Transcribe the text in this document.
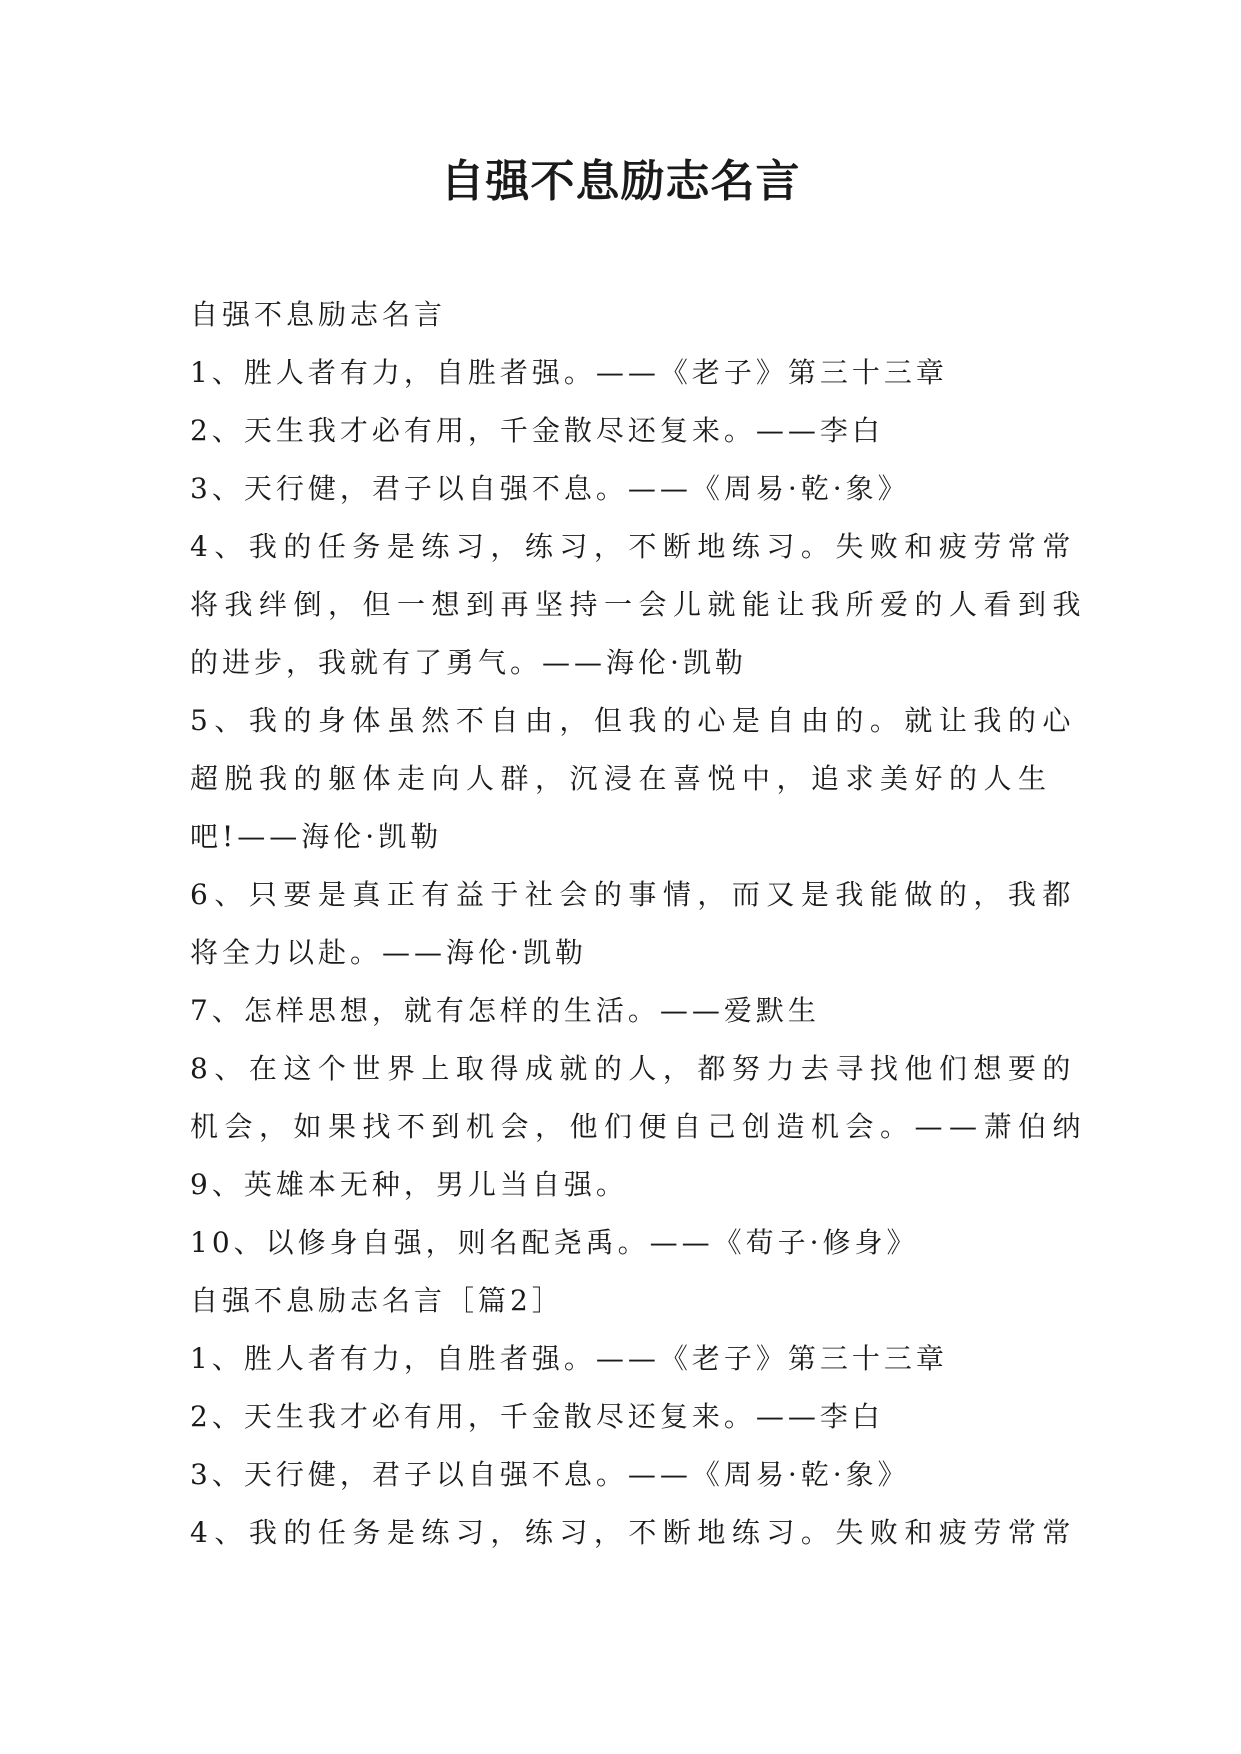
自强不息励志名言
自强不息励志名言
1、胜人者有力，自胜者强。——《老子》第三十三章
2、天生我才必有用，千金散尽还复来。——李白
3、天行健，君子以自强不息。——《周易·乾·象》
4、我的任务是练习，练习，不断地练习。失败和疲劳常常
将我绊倒，但一想到再坚持一会儿就能让我所爱的人看到我
的进步，我就有了勇气。——海伦·凯勒
5、我的身体虽然不自由，但我的心是自由的。就让我的心
超脱我的躯体走向人群，沉浸在喜悦中，追求美好的人生
吧!——海伦·凯勒
6、只要是真正有益于社会的事情，而又是我能做的，我都
将全力以赴。——海伦·凯勒
7、怎样思想，就有怎样的生活。——爱默生
8、在这个世界上取得成就的人，都努力去寻找他们想要的
机会，如果找不到机会，他们便自己创造机会。——萧伯纳
9、英雄本无种，男儿当自强。
10、以修身自强，则名配尧禹。——《荀子·修身》
自强不息励志名言［篇2］
1、胜人者有力，自胜者强。——《老子》第三十三章
2、天生我才必有用，千金散尽还复来。——李白
3、天行健，君子以自强不息。——《周易·乾·象》
4、我的任务是练习，练习，不断地练习。失败和疲劳常常
